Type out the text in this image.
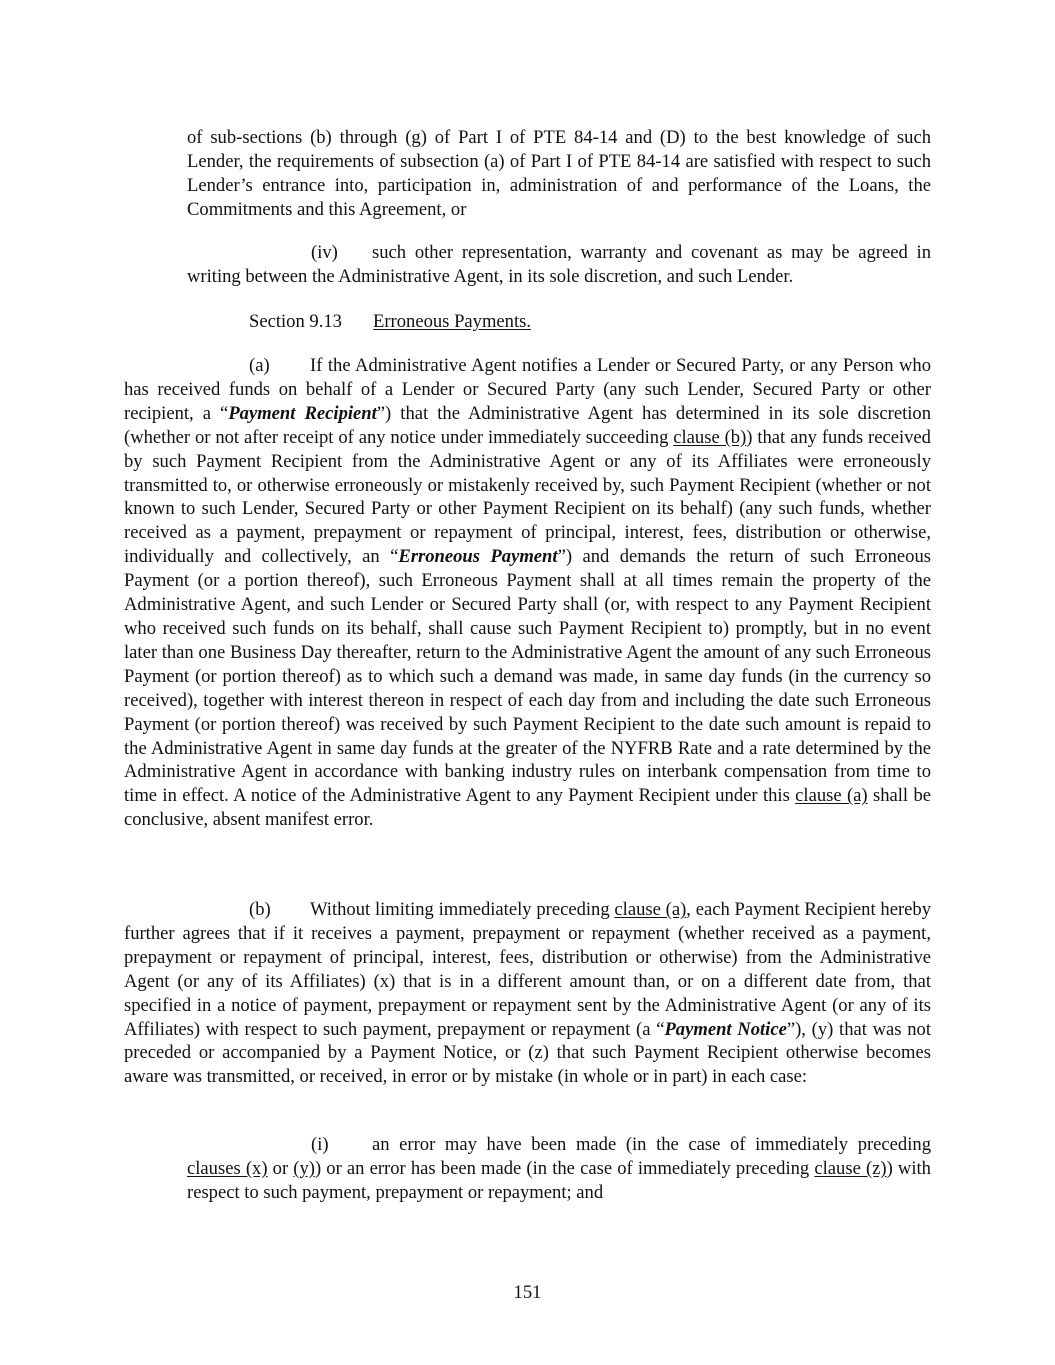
of sub-sections (b) through (g) of Part I of PTE 84-14 and (D) to the best knowledge of such Lender, the requirements of subsection (a) of Part I of PTE 84-14 are satisfied with respect to such Lender’s entrance into, participation in, administration of and performance of the Loans, the Commitments and this Agreement, or

(iv) such other representation, warranty and covenant as may be agreed in writing between the Administrative Agent, in its sole discretion, and such Lender.

Section 9.13 Erroneous Payments.

(a) If the Administrative Agent notifies a Lender or Secured Party, or any Person who has received funds on behalf of a Lender or Secured Party (any such Lender, Secured Party or other recipient, a “Payment Recipient”) that the Administrative Agent has determined in its sole discretion (whether or not after receipt of any notice under immediately succeeding clause (b)) that any funds received by such Payment Recipient from the Administrative Agent or any of its Affiliates were erroneously transmitted to, or otherwise erroneously or mistakenly received by, such Payment Recipient (whether or not known to such Lender, Secured Party or other Payment Recipient on its behalf) (any such funds, whether received as a payment, prepayment or repayment of principal, interest, fees, distribution or otherwise, individually and collectively, an “Erroneous Payment”) and demands the return of such Erroneous Payment (or a portion thereof), such Erroneous Payment shall at all times remain the property of the Administrative Agent, and such Lender or Secured Party shall (or, with respect to any Payment Recipient who received such funds on its behalf, shall cause such Payment Recipient to) promptly, but in no event later than one Business Day thereafter, return to the Administrative Agent the amount of any such Erroneous Payment (or portion thereof) as to which such a demand was made, in same day funds (in the currency so received), together with interest thereon in respect of each day from and including the date such Erroneous Payment (or portion thereof) was received by such Payment Recipient to the date such amount is repaid to the Administrative Agent in same day funds at the greater of the NYFRB Rate and a rate determined by the Administrative Agent in accordance with banking industry rules on interbank compensation from time to time in effect. A notice of the Administrative Agent to any Payment Recipient under this clause (a) shall be conclusive, absent manifest error.

(b) Without limiting immediately preceding clause (a), each Payment Recipient hereby further agrees that if it receives a payment, prepayment or repayment (whether received as a payment, prepayment or repayment of principal, interest, fees, distribution or otherwise) from the Administrative Agent (or any of its Affiliates) (x) that is in a different amount than, or on a different date from, that specified in a notice of payment, prepayment or repayment sent by the Administrative Agent (or any of its Affiliates) with respect to such payment, prepayment or repayment (a “Payment Notice”), (y) that was not preceded or accompanied by a Payment Notice, or (z) that such Payment Recipient otherwise becomes aware was transmitted, or received, in error or by mistake (in whole or in part) in each case:

(i) an error may have been made (in the case of immediately preceding clauses (x) or (y)) or an error has been made (in the case of immediately preceding clause (z)) with respect to such payment, prepayment or repayment; and

151
